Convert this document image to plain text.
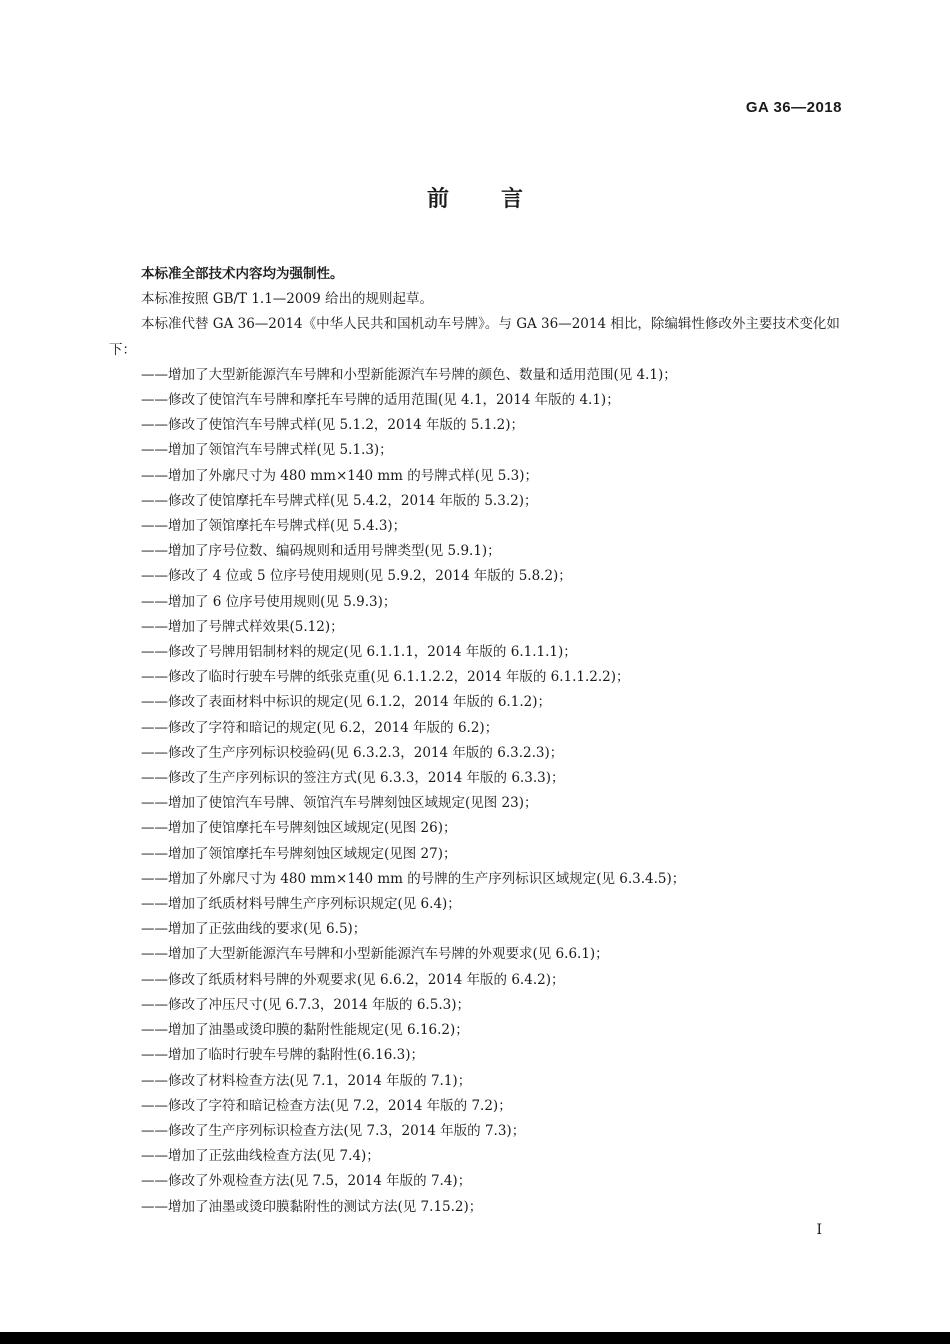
GA 36—2018
前言

本标准全部技术内容均为强制性。

本标准按照 GB/T 1.1—2009 给出的规则起草。

本标准代替 GA 36—2014《中华人民共和国机动车号牌》。与 GA 36—2014 相比，除编辑性修改外主要技术变化如下：

——增加了大型新能源汽车号牌和小型新能源汽车号牌的颜色、数量和适用范围(见 4.1)；
——修改了使馆汽车号牌和摩托车号牌的适用范围(见 4.1，2014 年版的 4.1)；
——修改了使馆汽车号牌式样(见 5.1.2，2014 年版的 5.1.2)；
——增加了领馆汽车号牌式样(见 5.1.3)；
——增加了外廓尺寸为 480 mm×140 mm 的号牌式样(见 5.3)；
——修改了使馆摩托车号牌式样(见 5.4.2，2014 年版的 5.3.2)；
——增加了领馆摩托车号牌式样(见 5.4.3)；
——增加了序号位数、编码规则和适用号牌类型(见 5.9.1)；
——修改了 4 位或 5 位序号使用规则(见 5.9.2，2014 年版的 5.8.2)；
——增加了 6 位序号使用规则(见 5.9.3)；
——增加了号牌式样效果(5.12)；
——修改了号牌用铝制材料的规定(见 6.1.1.1，2014 年版的 6.1.1.1)；
——修改了临时行驶车号牌的纸张克重(见 6.1.1.2.2，2014 年版的 6.1.1.2.2)；
——修改了表面材料中标识的规定(见 6.1.2，2014 年版的 6.1.2)；
——修改了字符和暗记的规定(见 6.2，2014 年版的 6.2)；
——修改了生产序列标识校验码(见 6.3.2.3，2014 年版的 6.3.2.3)；
——修改了生产序列标识的签注方式(见 6.3.3，2014 年版的 6.3.3)；
——增加了使馆汽车号牌、领馆汽车号牌刻蚀区域规定(见图 23)；
——增加了使馆摩托车号牌刻蚀区域规定(见图 26)；
——增加了领馆摩托车号牌刻蚀区域规定(见图 27)；
——增加了外廓尺寸为 480 mm×140 mm 的号牌的生产序列标识区域规定(见 6.3.4.5)；
——增加了纸质材料号牌生产序列标识规定(见 6.4)；
——增加了正弦曲线的要求(见 6.5)；
——增加了大型新能源汽车号牌和小型新能源汽车号牌的外观要求(见 6.6.1)；
——修改了纸质材料号牌的外观要求(见 6.6.2，2014 年版的 6.4.2)；
——修改了冲压尺寸(见 6.7.3，2014 年版的 6.5.3)；
——增加了油墨或烫印膜的黏附性能规定(见 6.16.2)；
——增加了临时行驶车号牌的黏附性(6.16.3)；
——修改了材料检查方法(见 7.1，2014 年版的 7.1)；
——修改了字符和暗记检查方法(见 7.2，2014 年版的 7.2)；
——修改了生产序列标识检查方法(见 7.3，2014 年版的 7.3)；
——增加了正弦曲线检查方法(见 7.4)；
——修改了外观检查方法(见 7.5，2014 年版的 7.4)；
——增加了油墨或烫印膜黏附性的测试方法(见 7.15.2)；
I
